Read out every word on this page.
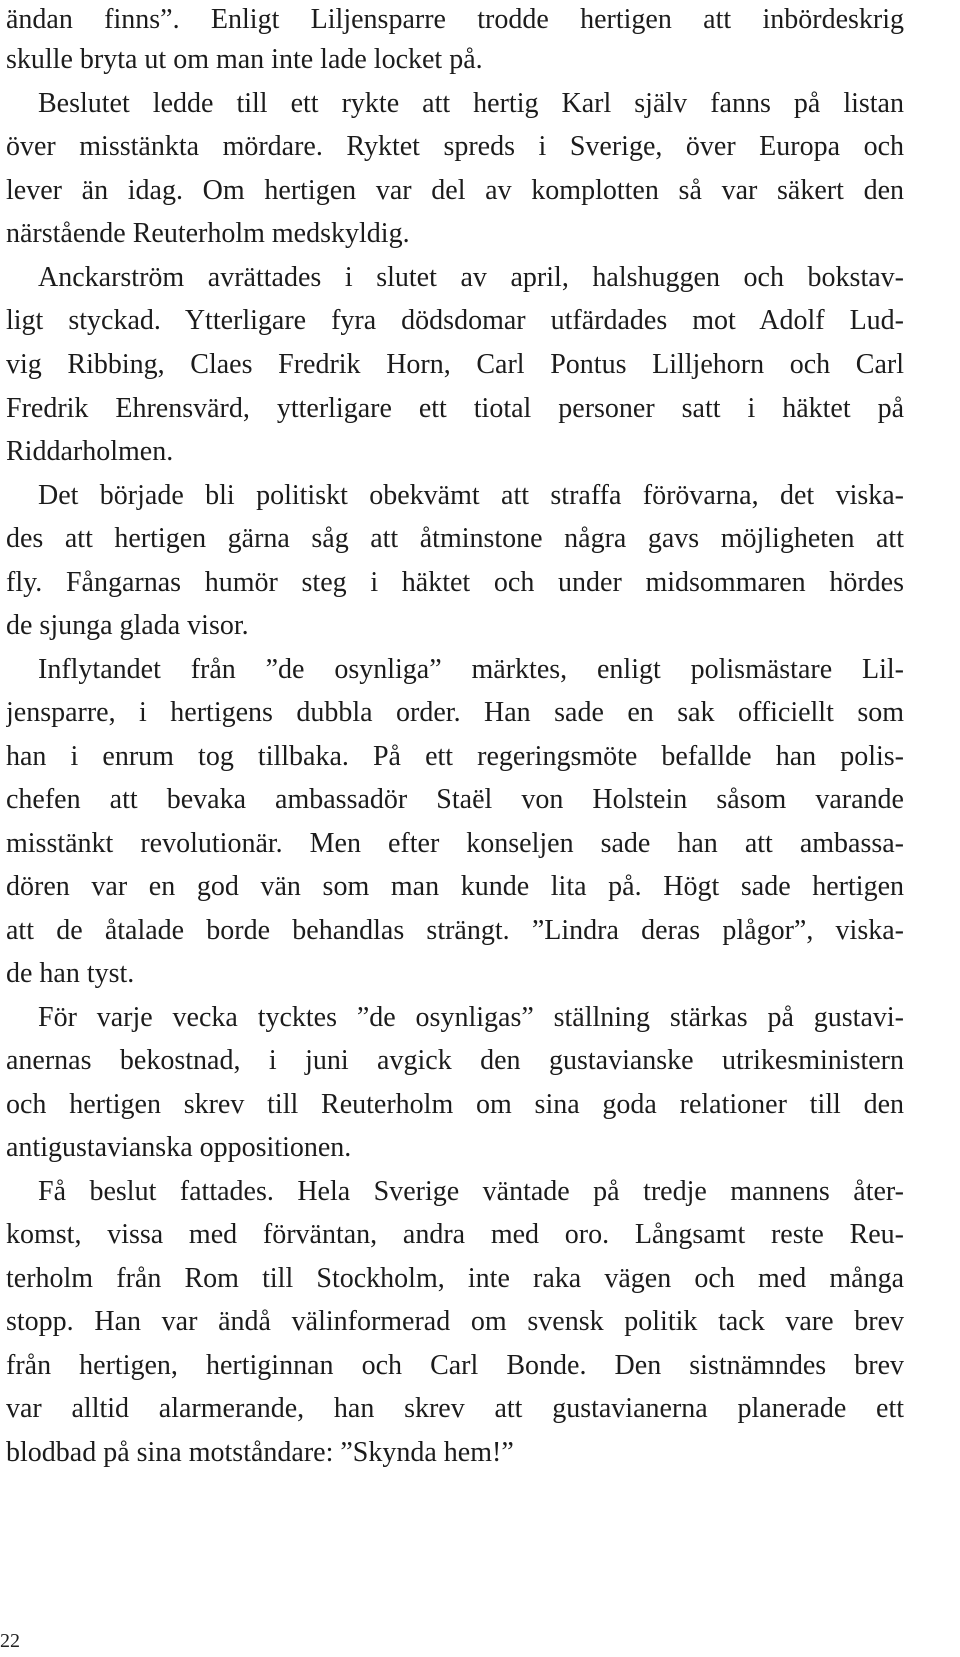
ändan finns”. Enligt Liljensparre trodde hertigen att inbördeskrig
skulle bryta ut om man inte lade locket på.
Beslutet ledde till ett rykte att hertig Karl själv fanns på listan
över misstänkta mördare. Ryktet spreds i Sverige, över Europa och
lever än idag. Om hertigen var del av komplotten så var säkert den
närstående Reuterholm medskyldig.
Anckarström avrättades i slutet av april, halshuggen och bokstav-
ligt styckad. Ytterligare fyra dödsdomar utfärdades mot Adolf Lud-
vig Ribbing, Claes Fredrik Horn, Carl Pontus Lilljehorn och Carl
Fredrik Ehrensvärd, ytterligare ett tiotal personer satt i häktet på
Riddarholmen.
Det började bli politiskt obekvämt att straffa förövarna, det viska-
des att hertigen gärna såg att åtminstone några gavs möjligheten att
fly. Fångarnas humör steg i häktet och under midsommaren hördes
de sjunga glada visor.
Inflytandet från ”de osynliga” märktes, enligt polismästare Lil-
jensparre, i hertigens dubbla order. Han sade en sak officiellt som
han i enrum tog tillbaka. På ett regeringsmöte befallde han polis-
chefen att bevaka ambassadör Staël von Holstein såsom varande
misstänkt revolutionär. Men efter konseljen sade han att ambassa-
dören var en god vän som man kunde lita på. Högt sade hertigen
att de åtalade borde behandlas strängt. ”Lindra deras plågor”, viska-
de han tyst.
För varje vecka tycktes ”de osynligas” ställning stärkas på gustavi-
anernas bekostnad, i juni avgick den gustavianske utrikesministern
och hertigen skrev till Reuterholm om sina goda relationer till den
antigustavianska oppositionen.
Få beslut fattades. Hela Sverige väntade på tredje mannens åter-
komst, vissa med förväntan, andra med oro. Långsamt reste Reu-
terholm från Rom till Stockholm, inte raka vägen och med många
stopp. Han var ändå välinformerad om svensk politik tack vare brev
från hertigen, hertiginnan och Carl Bonde. Den sistnämndes brev
var alltid alarmerande, han skrev att gustavianerna planerade ett
blodbad på sina motståndare: ”Skynda hem!”
22
